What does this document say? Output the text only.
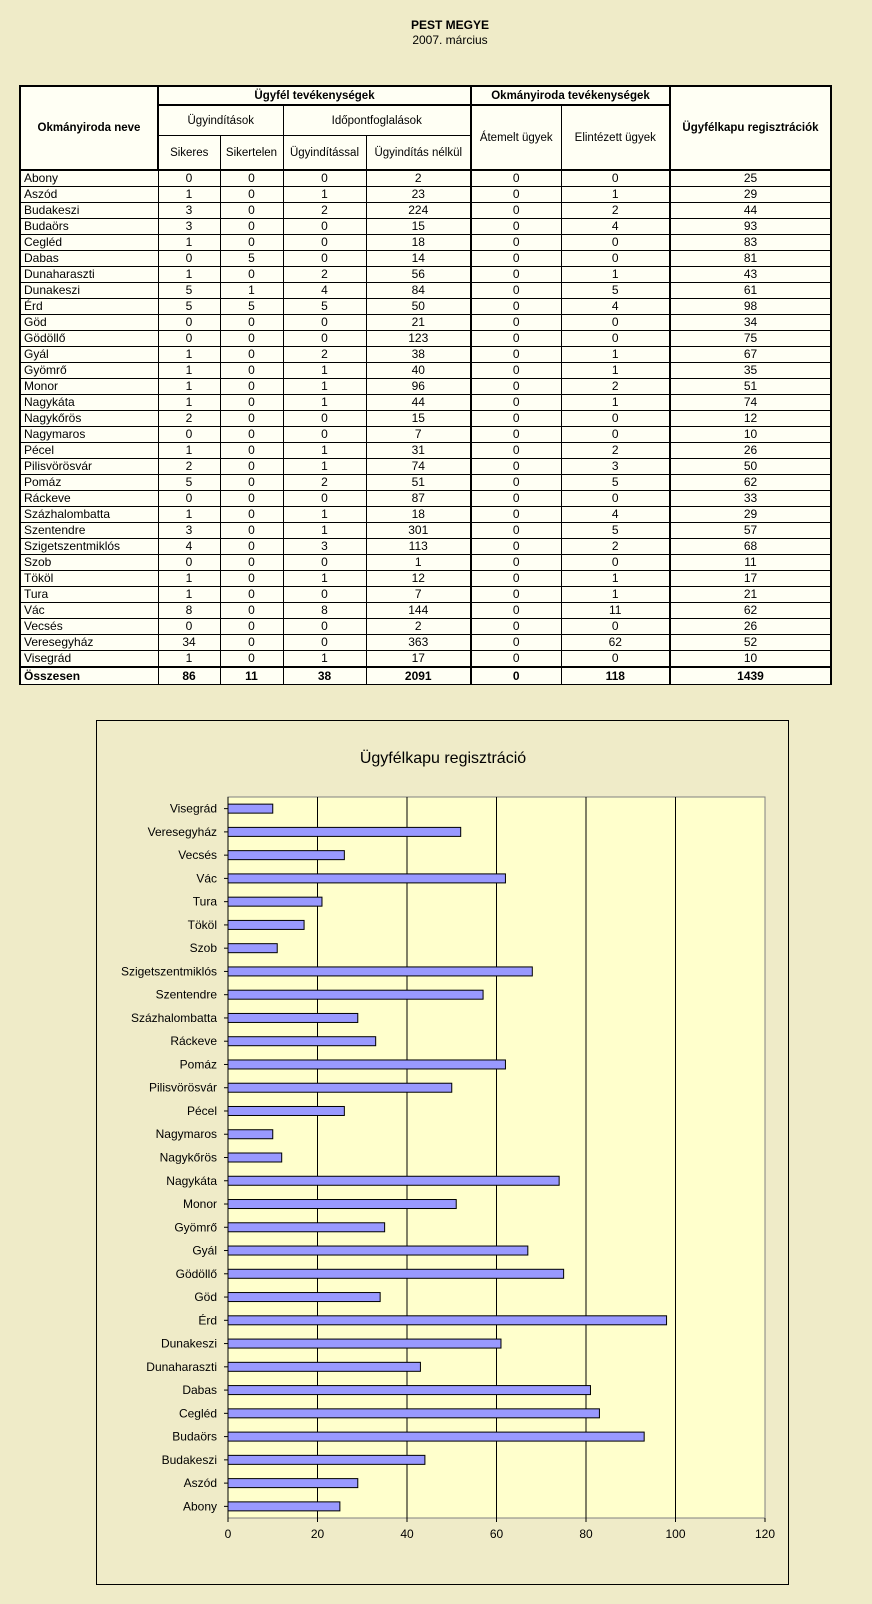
PEST MEGYE
2007. március
Okmányiroda neve	Ügyfél tevékenységek				Okmányiroda tevékenységek		Ügyfélkapu regisztrációk
	Ügyindítások		Időpontfoglalások		Átemelt ügyek	Elintézett ügyek	
	Sikeres	Sikertelen	Ügyindítással	Ügyindítás nélkül			
Abony	0	0	0	2	0	0	25
Aszód	1	0	1	23	0	1	29
Budakeszi	3	0	2	224	0	2	44
Budaörs	3	0	0	15	0	4	93
Cegléd	1	0	0	18	0	0	83
Dabas	0	5	0	14	0	0	81
Dunaharaszti	1	0	2	56	0	1	43
Dunakeszi	5	1	4	84	0	5	61
Érd	5	5	5	50	0	4	98
Göd	0	0	0	21	0	0	34
Gödöllő	0	0	0	123	0	0	75
Gyál	1	0	2	38	0	1	67
Gyömrő	1	0	1	40	0	1	35
Monor	1	0	1	96	0	2	51
Nagykáta	1	0	1	44	0	1	74
Nagykőrös	2	0	0	15	0	0	12
Nagymaros	0	0	0	7	0	0	10
Pécel	1	0	1	31	0	2	26
Pilisvörösvár	2	0	1	74	0	3	50
Pomáz	5	0	2	51	0	5	62
Ráckeve	0	0	0	87	0	0	33
Százhalombatta	1	0	1	18	0	4	29
Szentendre	3	0	1	301	0	5	57
Szigetszentmiklós	4	0	3	113	0	2	68
Szob	0	0	0	1	0	0	11
Tököl	1	0	1	12	0	1	17
Tura	1	0	0	7	0	1	21
Vác	8	0	8	144	0	11	62
Vecsés	0	0	0	2	0	0	26
Veresegyház	34	0	0	363	0	62	52
Visegrád	1	0	1	17	0	0	10
Összesen	86	11	38	2091	0	118	1439
Ügyfélkapu regisztráció
Abony
Aszód
Budakeszi
Budaörs
Cegléd
Dabas
Dunaharaszti
Dunakeszi
Érd
Göd
Gödöllő
Gyál
Gyömrő
Monor
Nagykáta
Nagykőrös
Nagymaros
Pécel
Pilisvörösvár
Pomáz
Ráckeve
Százhalombatta
Szentendre
Szigetszentmiklós
Szob
Tököl
Tura
Vác
Vecsés
Veresegyház
Visegrád
0	20	40	60	80	100	120
